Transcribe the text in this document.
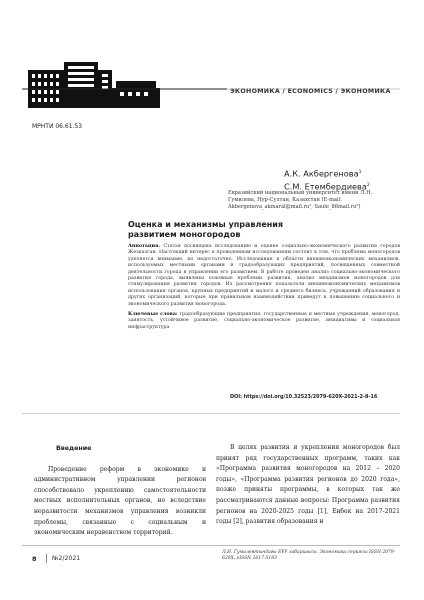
ЭКОНОМИКА / ECONOMICS / ЭКОНОМИКА
МРНТИ 06.61.53
А.К. Акбергенова$^1$
С.М. Етембердиева$^2$
Евразийский национальный университет имени Л.Н. Гумилева, Нур-Султан, Казахстан (E-mail: Akbergenova_akmaral@mail.ru¹, Saule_86mail.ru²)
Оценка и механизмы управления развитием моногородов
Аннотация. Статья посвящена исследованию и оценке социально-экономического развития городов Жезказган. Настоящий интерес к проведенным исследованиям состоит в том, что проблема моногородов уделяется внимание, но недостаточно. Исследования в области внешнеэкономических механизмов, используемых местными органами и градообразующих предприятий, посвященных совместной деятельности города в управлении его развитием. В работе проведен анализ социально-экономического развития города, выявлены основные проблемы развития, анализ механизмов моногородов для стимулирования развития городов. Из рассмотрения показатели внешнеэкономических механизмов использования органов, крупных предприятий и малого и среднего бизнеса, учреждений образования и других организаций, которые при правильном взаимодействии приведут к повышению социального и экономического развития моногорода.
Ключевые слова: градообразующие предприятия, государственные и местные учреждения, моногород, занятость, устойчивое развитие, социально-экономическое развитие, инициативы и социальная инфраструктура
DOI: https://doi.org/10.32523/2079-620X-2021-2-8-16
Введение

Проведение реформ в экономике и административном управлении регионов способствовало укреплению самостоятельности местных исполнительных органов, но вследствие неразвитости механизмов управления возникли проблемы, связанные с социальным и экономическим неравенством территорий.

В целях развития и укрепления моногородов был принят ряд государственных программ, таких как «Программа развития моногородов на 2012 – 2020 годы», «Программа развития регионов до 2020 года», позже приняты программы, в которых так же рассматриваются данные вопросы: Программа развития регионов на 2020-2025 годы [1], Еңбек на 2017-2021 годы [2], развития образования и

8 №2/2021
Л.Н. Гумилевтындағы ЕҰУ хабаршысы. Экономика сериясы ISSN 2079-620X, eISSN 2617-5193
